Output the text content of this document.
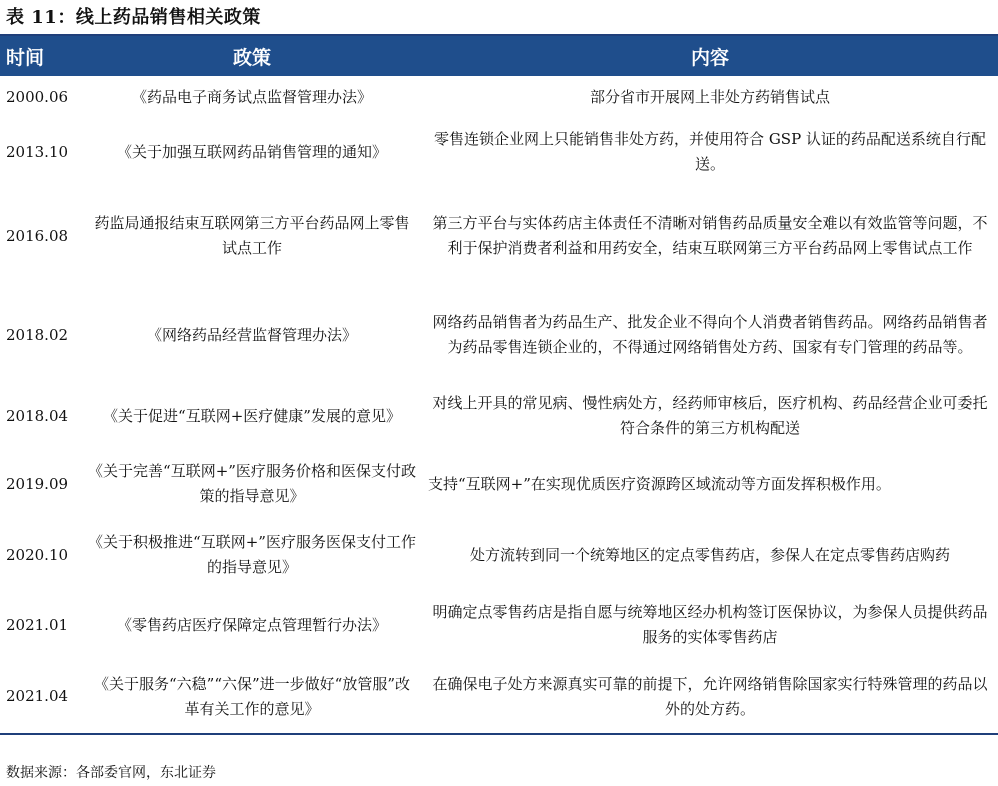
表 11：线上药品销售相关政策
时间	政策	内容
2000.06	《药品电子商务试点监督管理办法》	部分省市开展网上非处方药销售试点
2013.10	《关于加强互联网药品销售管理的通知》	零售连锁企业网上只能销售非处方药，并使用符合 GSP 认证的药品配送系统自行配送。
2016.08	药监局通报结束互联网第三方平台药品网上零售试点工作	第三方平台与实体药店主体责任不清晰对销售药品质量安全难以有效监管等问题，不利于保护消费者利益和用药安全，结束互联网第三方平台药品网上零售试点工作
2018.02	《网络药品经营监督管理办法》	网络药品销售者为药品生产、批发企业不得向个人消费者销售药品。网络药品销售者为药品零售连锁企业的，不得通过网络销售处方药、国家有专门管理的药品等。
2018.04	《关于促进“互联网+医疗健康”发展的意见》	对线上开具的常见病、慢性病处方，经药师审核后，医疗机构、药品经营企业可委托符合条件的第三方机构配送
2019.09	《关于完善“互联网+”医疗服务价格和医保支付政策的指导意见》	支持“互联网+”在实现优质医疗资源跨区域流动等方面发挥积极作用。
2020.10	《关于积极推进“互联网+”医疗服务医保支付工作的指导意见》	处方流转到同一个统筹地区的定点零售药店，参保人在定点零售药店购药
2021.01	《零售药店医疗保障定点管理暂行办法》	明确定点零售药店是指自愿与统筹地区经办机构签订医保协议，为参保人员提供药品服务的实体零售药店
2021.04	《关于服务“六稳”“六保”进一步做好“放管服”改革有关工作的意见》	在确保电子处方来源真实可靠的前提下，允许网络销售除国家实行特殊管理的药品以外的处方药。
数据来源：各部委官网，东北证券
